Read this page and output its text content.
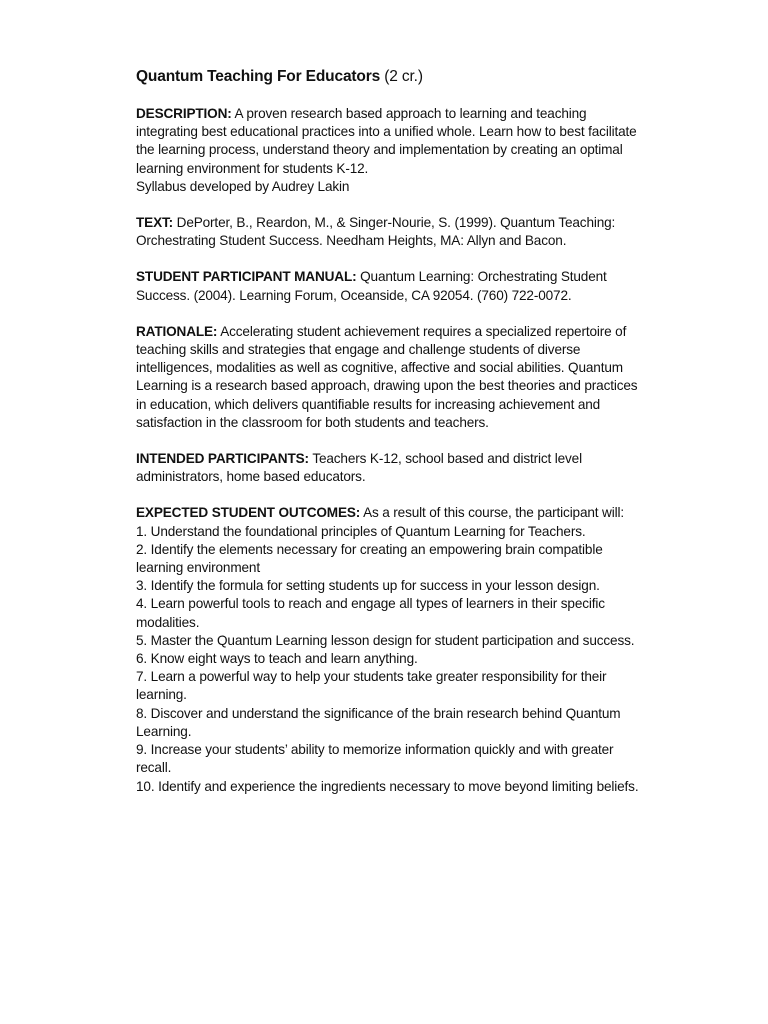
Quantum Teaching For Educators (2 cr.)

DESCRIPTION: A proven research based approach to learning and teaching integrating best educational practices into a unified whole. Learn how to best facilitate the learning process, understand theory and implementation by creating an optimal learning environment for students K-12.

Syllabus developed by Audrey Lakin

TEXT: DePorter, B., Reardon, M., & Singer-Nourie, S. (1999). Quantum Teaching: Orchestrating Student Success. Needham Heights, MA: Allyn and Bacon.

STUDENT PARTICIPANT MANUAL: Quantum Learning: Orchestrating Student Success. (2004). Learning Forum, Oceanside, CA 92054. (760) 722-0072.

RATIONALE: Accelerating student achievement requires a specialized repertoire of teaching skills and strategies that engage and challenge students of diverse intelligences, modalities as well as cognitive, affective and social abilities. Quantum Learning is a research based approach, drawing upon the best theories and practices in education, which delivers quantifiable results for increasing achievement and satisfaction in the classroom for both students and teachers.

INTENDED PARTICIPANTS: Teachers K-12, school based and district level administrators, home based educators.

EXPECTED STUDENT OUTCOMES: As a result of this course, the participant will:

1. Understand the foundational principles of Quantum Learning for Teachers.

2. Identify the elements necessary for creating an empowering brain compatible learning environment

3. Identify the formula for setting students up for success in your lesson design.

4. Learn powerful tools to reach and engage all types of learners in their specific modalities.

5. Master the Quantum Learning lesson design for student participation and success.

6. Know eight ways to teach and learn anything.

7. Learn a powerful way to help your students take greater responsibility for their learning.

8. Discover and understand the significance of the brain research behind Quantum Learning.

9. Increase your students’ ability to memorize information quickly and with greater recall.

10. Identify and experience the ingredients necessary to move beyond limiting beliefs.
